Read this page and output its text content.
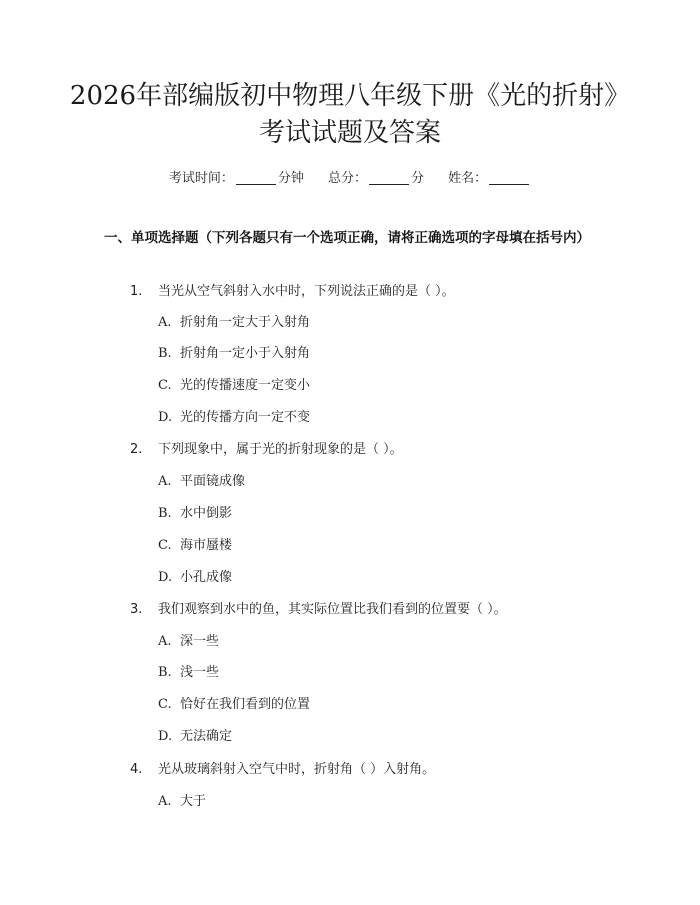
2026年部编版初中物理八年级下册《光的折射》考试试题及答案
考试时间：	分钟 总分：	分 姓名：

一、单项选择题（下列各题只有一个选项正确，请将正确选项的字母填在括号内）

1. 当光从空气斜射入水中时，下列说法正确的是（ ）。
A. 折射角一定大于入射角
B. 折射角一定小于入射角
C. 光的传播速度一定变小
D. 光的传播方向一定不变
2. 下列现象中，属于光的折射现象的是（ ）。
A. 平面镜成像
B. 水中倒影
C. 海市蜃楼
D. 小孔成像
3. 我们观察到水中的鱼，其实际位置比我们看到的位置要（ ）。
A. 深一些
B. 浅一些
C. 恰好在我们看到的位置
D. 无法确定
4. 光从玻璃斜射入空气中时，折射角（ ）入射角。
A. 大于
